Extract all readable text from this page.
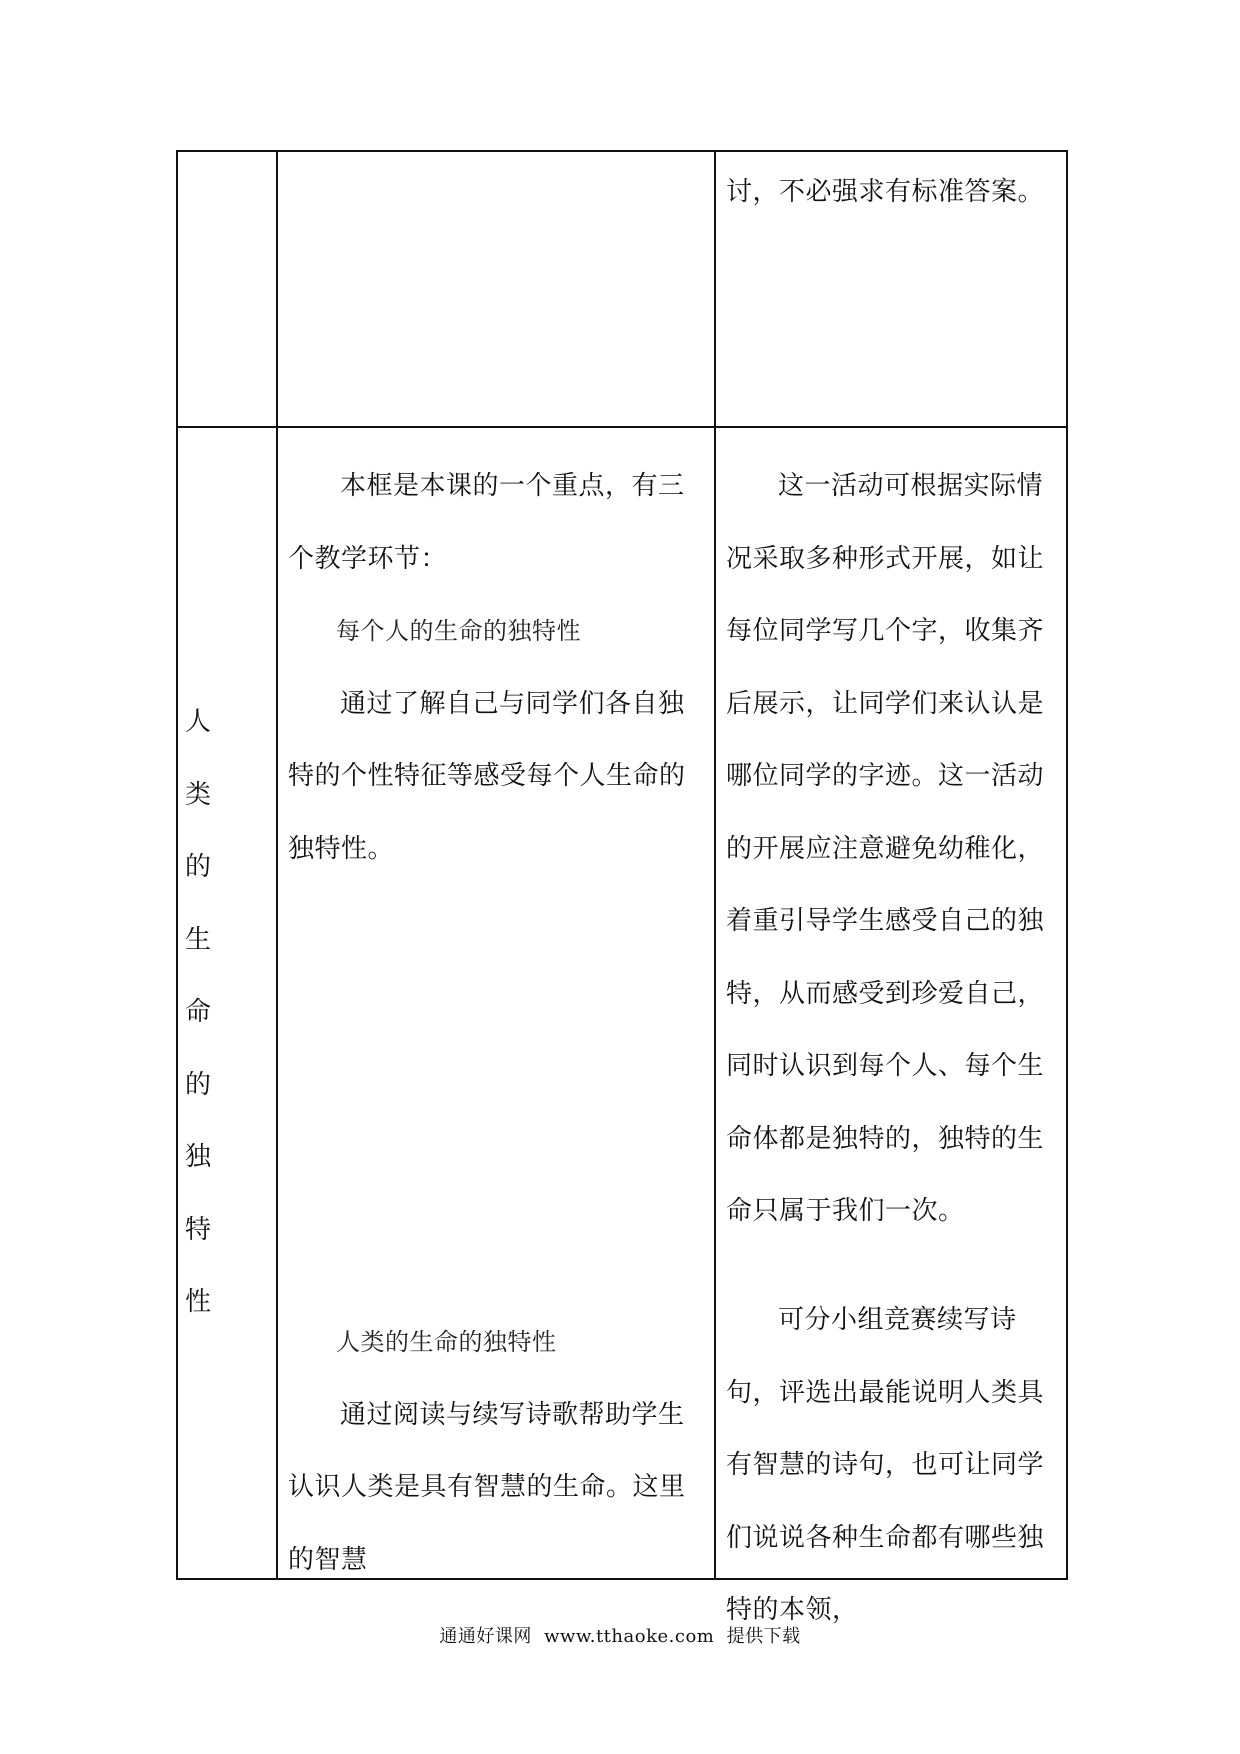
讨，不必强求有标准答案。

人
类
的
生
命
的
独
特
性

本框是本课的一个重点，有三个教学环节：

每个人的生命的独特性

通过了解自己与同学们各自独特的个性特征等感受每个人生命的独特性。

人类的生命的独特性

通过阅读与续写诗歌帮助学生认识人类是具有智慧的生命。这里的智慧

这一活动可根据实际情况采取多种形式开展，如让每位同学写几个字，收集齐后展示，让同学们来认认是哪位同学的字迹。这一活动的开展应注意避免幼稚化，着重引导学生感受自己的独特，从而感受到珍爱自己，同时认识到每个人、每个生命体都是独特的，独特的生命只属于我们一次。

可分小组竞赛续写诗句，评选出最能说明人类具有智慧的诗句，也可让同学们说说各种生命都有哪些独特的本领，

通通好课网 www.tthaoke.com 提供下载
